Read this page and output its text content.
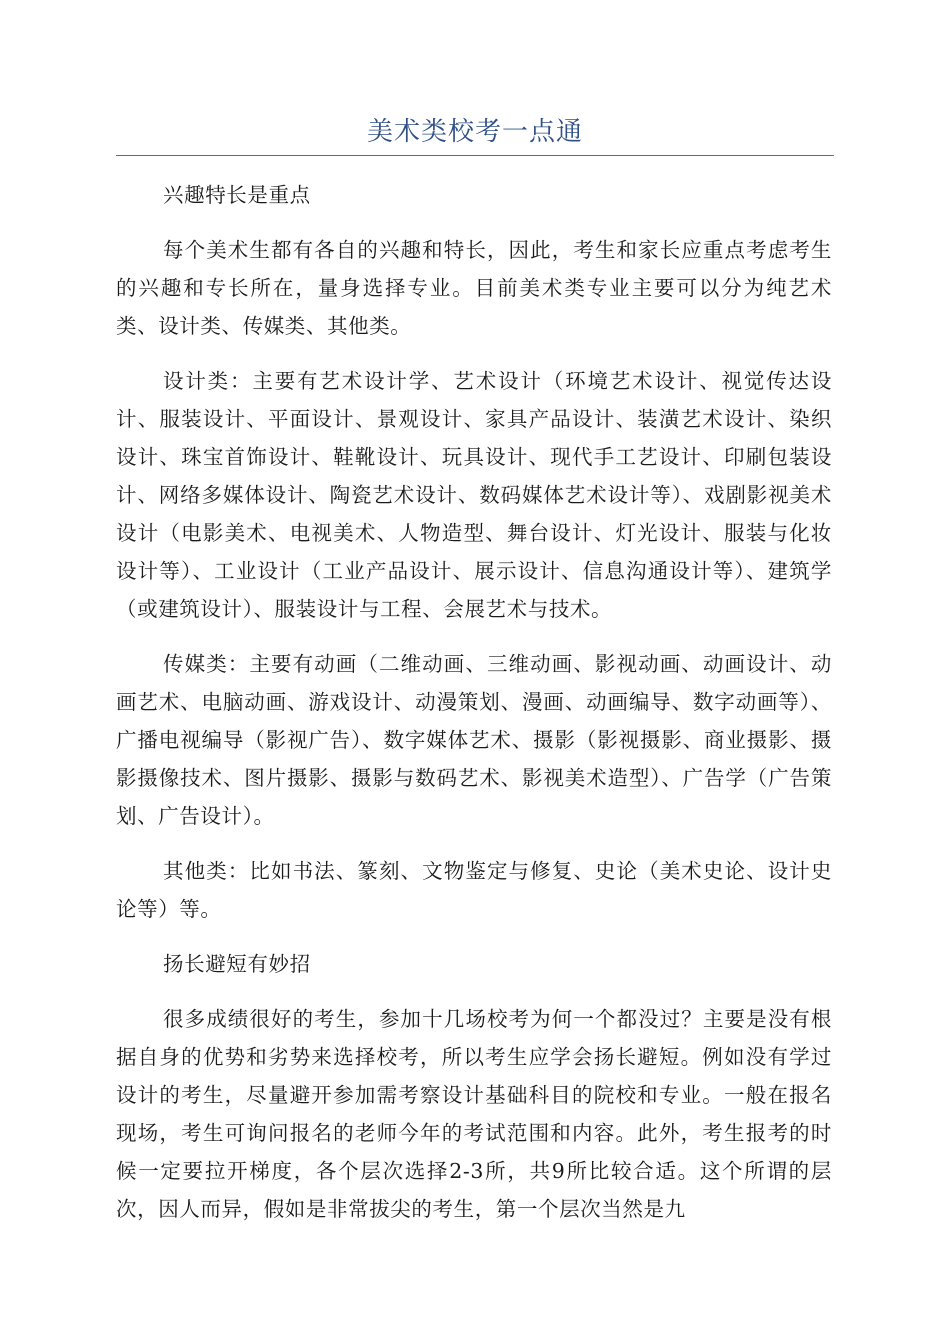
美术类校考一点通

兴趣特长是重点

每个美术生都有各自的兴趣和特长，因此，考生和家长应重点考虑考生的兴趣和专长所在，量身选择专业。目前美术类专业主要可以分为纯艺术类、设计类、传媒类、其他类。

设计类：主要有艺术设计学、艺术设计（环境艺术设计、视觉传达设计、服装设计、平面设计、景观设计、家具产品设计、装潢艺术设计、染织设计、珠宝首饰设计、鞋靴设计、玩具设计、现代手工艺设计、印刷包装设计、网络多媒体设计、陶瓷艺术设计、数码媒体艺术设计等）、戏剧影视美术设计（电影美术、电视美术、人物造型、舞台设计、灯光设计、服装与化妆设计等）、工业设计（工业产品设计、展示设计、信息沟通设计等）、建筑学（或建筑设计）、服装设计与工程、会展艺术与技术。

传媒类：主要有动画（二维动画、三维动画、影视动画、动画设计、动画艺术、电脑动画、游戏设计、动漫策划、漫画、动画编导、数字动画等）、广播电视编导（影视广告）、数字媒体艺术、摄影（影视摄影、商业摄影、摄影摄像技术、图片摄影、摄影与数码艺术、影视美术造型）、广告学（广告策划、广告设计）。

其他类：比如书法、篆刻、文物鉴定与修复、史论（美术史论、设计史论等）等。

扬长避短有妙招

很多成绩很好的考生，参加十几场校考为何一个都没过？主要是没有根据自身的优势和劣势来选择校考，所以考生应学会扬长避短。例如没有学过设计的考生，尽量避开参加需考察设计基础科目的院校和专业。一般在报名现场，考生可询问报名的老师今年的考试范围和内容。此外，考生报考的时候一定要拉开梯度，各个层次选择2-3所，共9所比较合适。这个所谓的层次，因人而异，假如是非常拔尖的考生，第一个层次当然是九
